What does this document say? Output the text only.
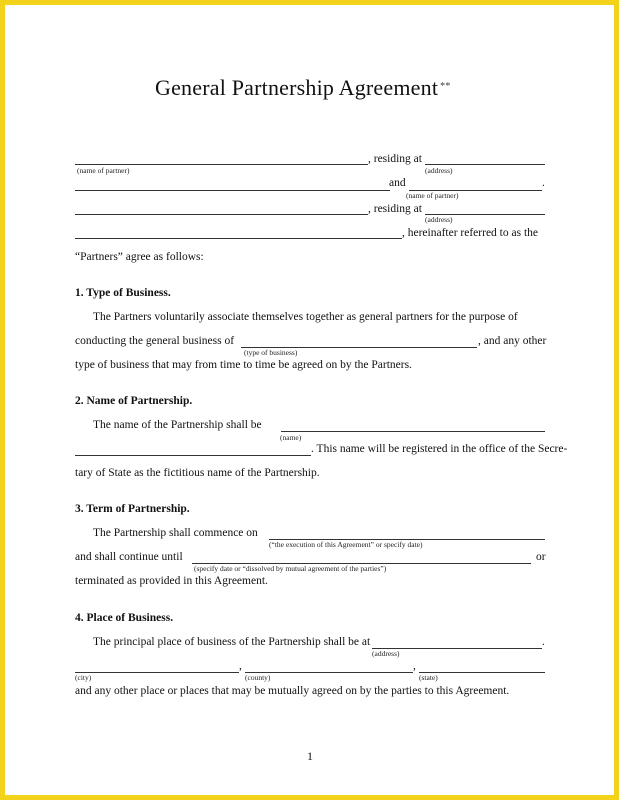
General Partnership Agreement **
, residing at
(name of partner)	(address)
and	.
(name of partner)
, residing at
(address)
, hereinafter referred to as the
“Partners” agree as follows:
1. Type of Business.
The Partners voluntarily associate themselves together as general partners for the purpose of
conducting the general business of	, and any other
(type of business)
type of business that may from time to time be agreed on by the Partners.
2. Name of Partnership.
The name of the Partnership shall be
(name)
. This name will be registered in the office of the Secre-
tary of State as the fictitious name of the Partnership.
3. Term of Partnership.
The Partnership shall commence on
(“the execution of this Agreement” or specify date)
and shall continue until	or
(specify date or “dissolved by mutual agreement of the parties”)
terminated as provided in this Agreement.
4. Place of Business.
The principal place of business of the Partnership shall be at	.
(address)
,	,
(city)	(county)	(state)
and any other place or places that may be mutually agreed on by the parties to this Agreement.
1
